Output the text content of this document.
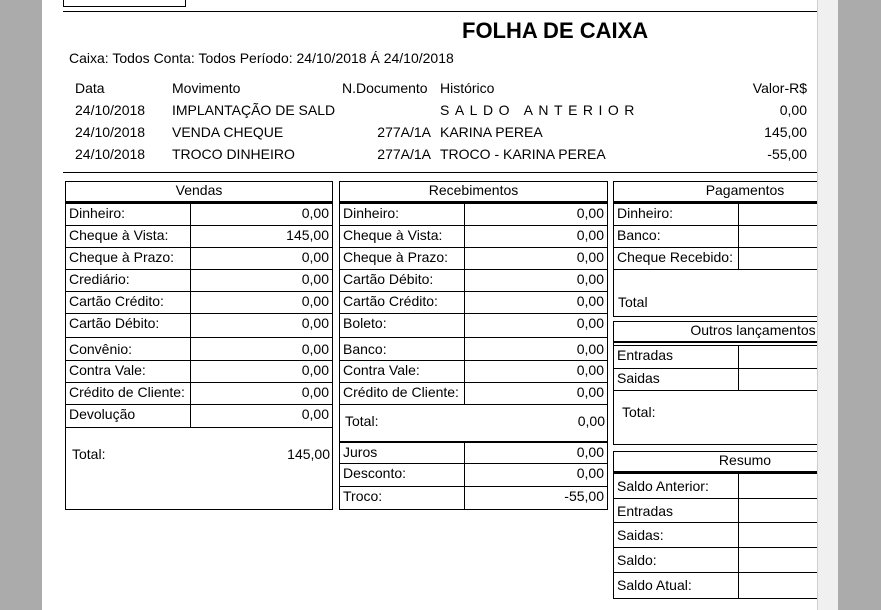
FOLHA DE CAIXA
Caixa: Todos Conta: Todos Período: 24/10/2018 Á 24/10/2018
Data	Movimento	N.Documento Histórico	Valor-R$
24/10/2018 IMPLANTAÇÃO DE SALD	SALDO ANTERIOR	0,00
24/10/2018 VENDA CHEQUE	277A/1A KARINA PEREA	145,00
24/10/2018 TROCO DINHEIRO	277A/1A TROCO - KARINA PEREA	-55,00
Vendas
Dinheiro:	0,00
Cheque à Vista:	145,00
Cheque à Prazo:	0,00
Crediário:	0,00
Cartão Crédito:	0,00
Cartão Débito:	0,00
Convênio:	0,00
Contra Vale:	0,00
Crédito de Cliente:	0,00
Devolução	0,00
Total:	145,00
Recebimentos
Dinheiro:	0,00
Cheque à Vista:	0,00
Cheque à Prazo:	0,00
Cartão Débito:	0,00
Cartão Crédito:	0,00
Boleto:	0,00
Banco:	0,00
Contra Vale:	0,00
Crédito de Cliente:	0,00
Total:	0,00
Juros	0,00
Desconto:	0,00
Troco:	-55,00
Pagamentos
Dinheiro:
Banco:
Cheque Recebido:
Total
Outros lançamentos
Entradas
Saidas
Total:
Resumo
Saldo Anterior:
Entradas
Saidas:
Saldo:
Saldo Atual:
